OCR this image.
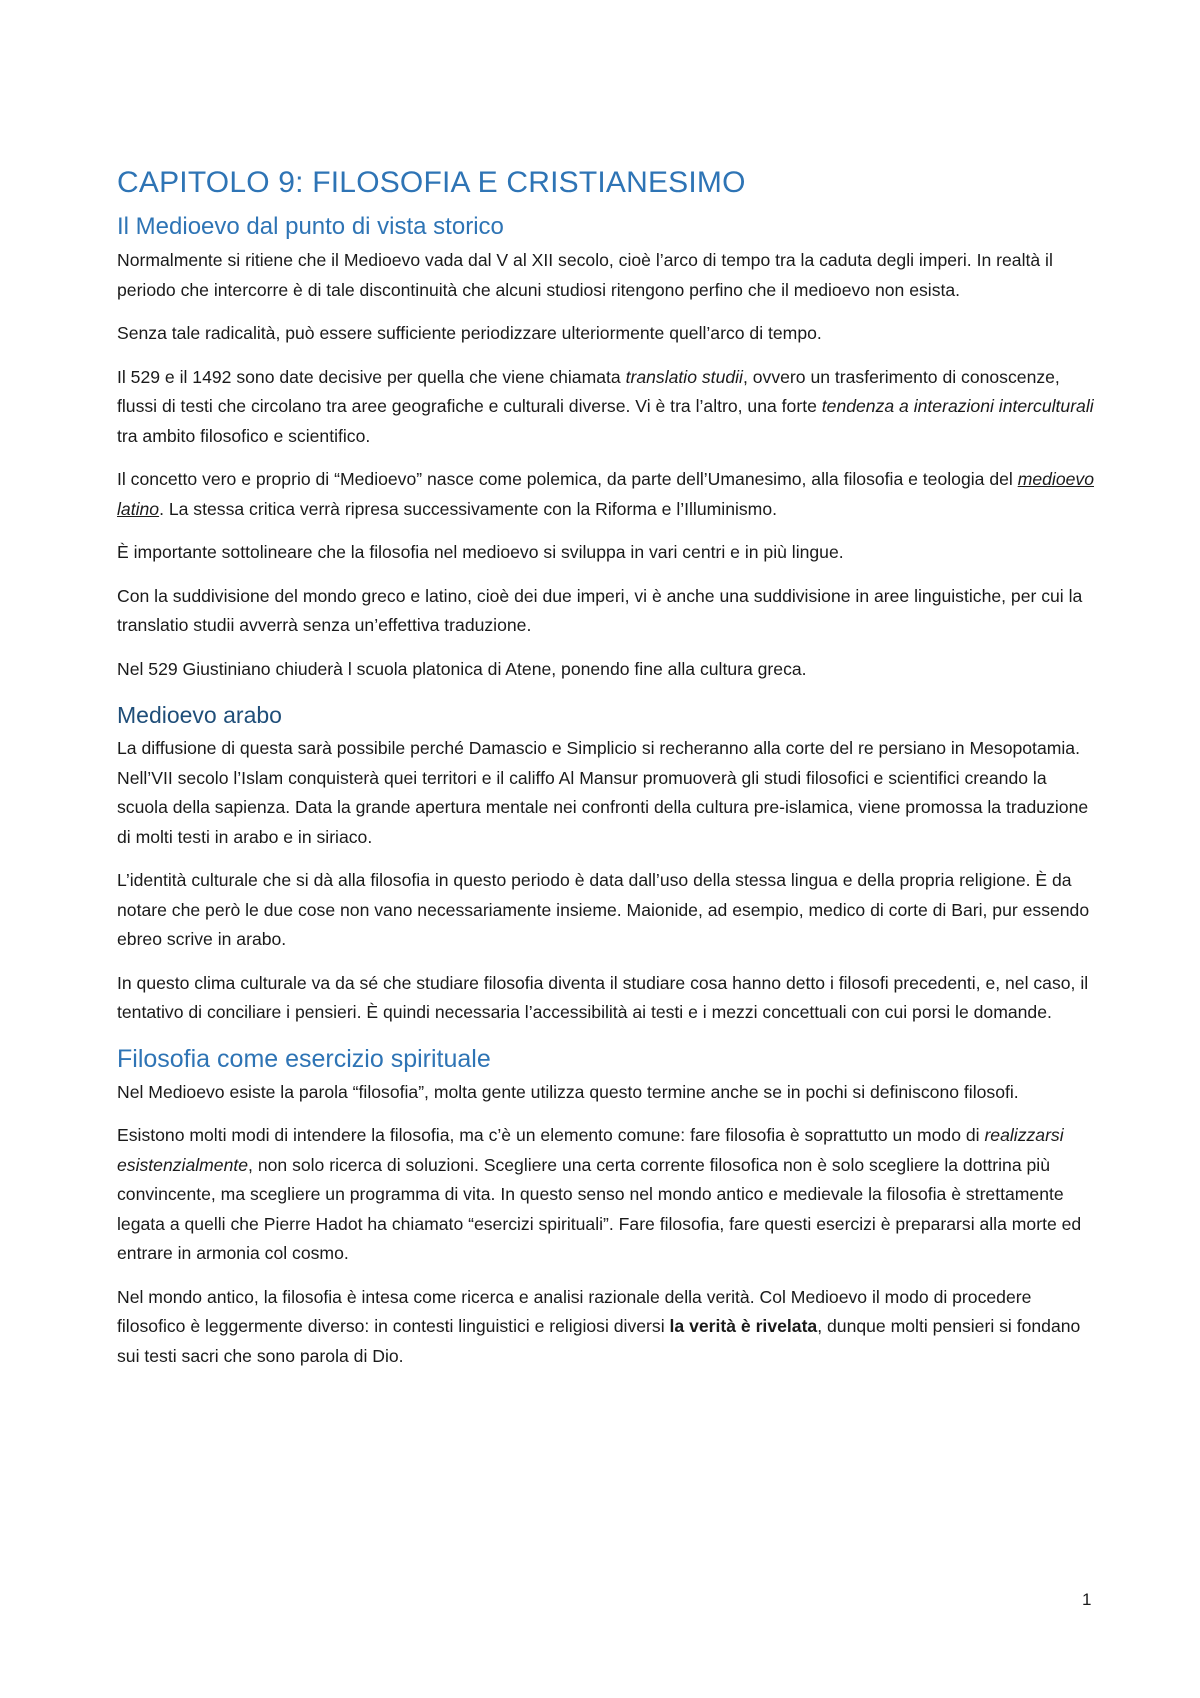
CAPITOLO 9: FILOSOFIA E CRISTIANESIMO
Il Medioevo dal punto di vista storico

Normalmente si ritiene che il Medioevo vada dal V al XII secolo, cioè l’arco di tempo tra la caduta degli imperi. In realtà il periodo che intercorre è di tale discontinuità che alcuni studiosi ritengono perfino che il medioevo non esista.

Senza tale radicalità, può essere sufficiente periodizzare ulteriormente quell’arco di tempo.

Il 529 e il 1492 sono date decisive per quella che viene chiamata translatio studii, ovvero un trasferimento di conoscenze, flussi di testi che circolano tra aree geografiche e culturali diverse. Vi è tra l’altro, una forte tendenza a interazioni interculturali tra ambito filosofico e scientifico.

Il concetto vero e proprio di “Medioevo” nasce come polemica, da parte dell’Umanesimo, alla filosofia e teologia del medioevo latino. La stessa critica verrà ripresa successivamente con la Riforma e l’Illuminismo.

È importante sottolineare che la filosofia nel medioevo si sviluppa in vari centri e in più lingue.

Con la suddivisione del mondo greco e latino, cioè dei due imperi, vi è anche una suddivisione in aree linguistiche, per cui la translatio studii avverrà senza un’effettiva traduzione.

Nel 529 Giustiniano chiuderà l scuola platonica di Atene, ponendo fine alla cultura greca.

Medioevo arabo

La diffusione di questa sarà possibile perché Damascio e Simplicio si recheranno alla corte del re persiano in Mesopotamia. Nell’VII secolo l’Islam conquisterà quei territori e il califfo Al Mansur promuoverà gli studi filosofici e scientifici creando la scuola della sapienza. Data la grande apertura mentale nei confronti della cultura pre-islamica, viene promossa la traduzione di molti testi in arabo e in siriaco.

L’identità culturale che si dà alla filosofia in questo periodo è data dall’uso della stessa lingua e della propria religione. È da notare che però le due cose non vano necessariamente insieme. Maionide, ad esempio, medico di corte di Bari, pur essendo ebreo scrive in arabo.

In questo clima culturale va da sé che studiare filosofia diventa il studiare cosa hanno detto i filosofi precedenti, e, nel caso, il tentativo di conciliare i pensieri. È quindi necessaria l’accessibilità ai testi e i mezzi concettuali con cui porsi le domande.

Filosofia come esercizio spirituale

Nel Medioevo esiste la parola “filosofia”, molta gente utilizza questo termine anche se in pochi si definiscono filosofi.

Esistono molti modi di intendere la filosofia, ma c’è un elemento comune: fare filosofia è soprattutto un modo di realizzarsi esistenzialmente, non solo ricerca di soluzioni. Scegliere una certa corrente filosofica non è solo scegliere la dottrina più convincente, ma scegliere un programma di vita. In questo senso nel mondo antico e medievale la filosofia è strettamente legata a quelli che Pierre Hadot ha chiamato “esercizi spirituali”. Fare filosofia, fare questi esercizi è prepararsi alla morte ed entrare in armonia col cosmo.

Nel mondo antico, la filosofia è intesa come ricerca e analisi razionale della verità. Col Medioevo il modo di procedere filosofico è leggermente diverso: in contesti linguistici e religiosi diversi la verità è rivelata, dunque molti pensieri si fondano sui testi sacri che sono parola di Dio.

1
